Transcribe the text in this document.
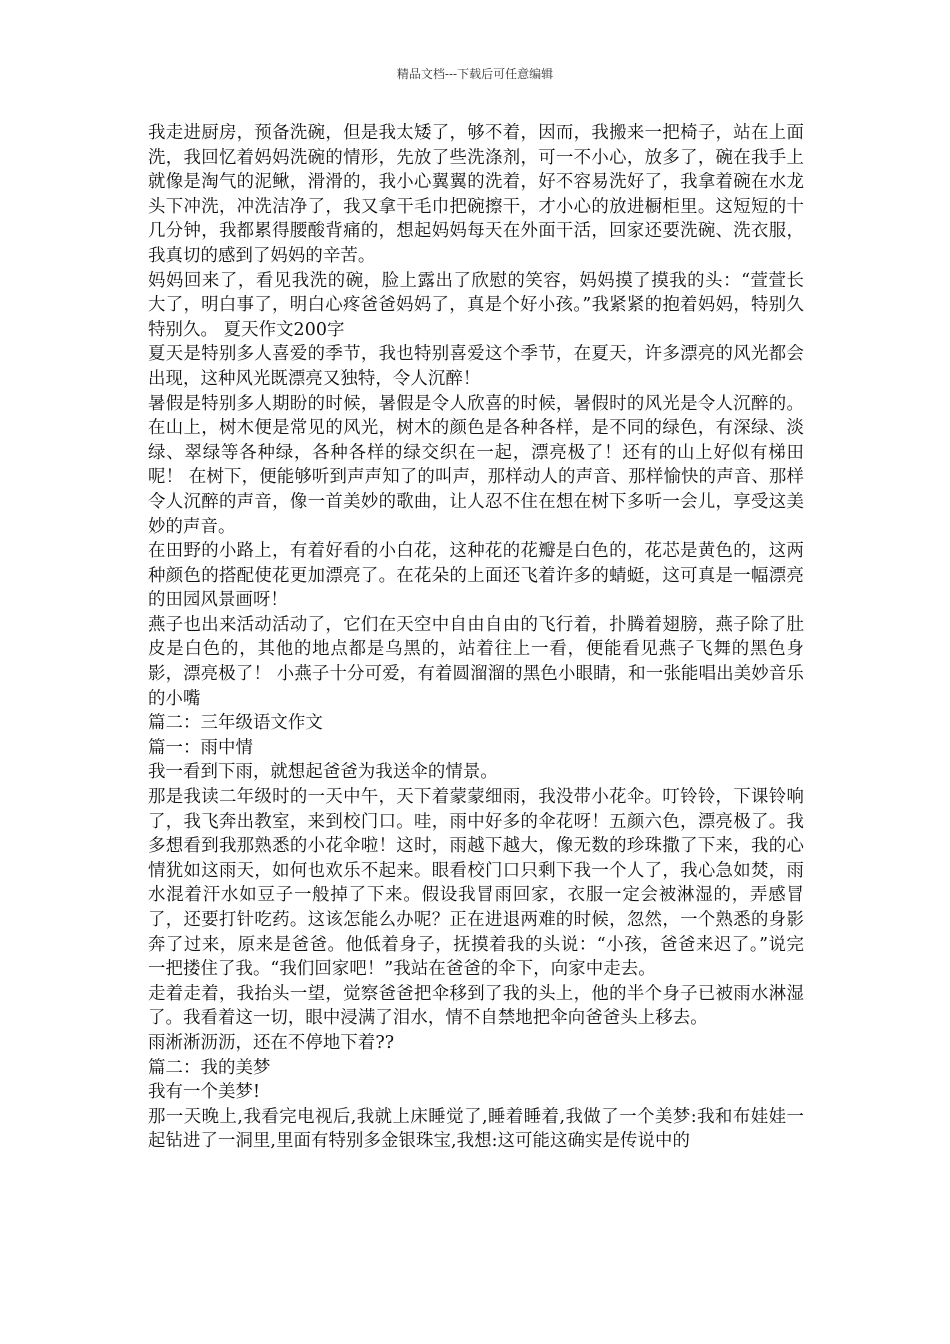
精品文档---下载后可任意编辑

我走进厨房，预备洗碗，但是我太矮了，够不着，因而，我搬来一把椅子，站在上面洗，我回忆着妈妈洗碗的情形，先放了些洗涤剂，可一不小心，放多了，碗在我手上就像是淘气的泥鳅，滑滑的，我小心翼翼的洗着，好不容易洗好了，我拿着碗在水龙头下冲洗，冲洗洁净了，我又拿干毛巾把碗擦干，才小心的放进橱柜里。这短短的十几分钟，我都累得腰酸背痛的，想起妈妈每天在外面干活，回家还要洗碗、洗衣服，我真切的感到了妈妈的辛苦。

妈妈回来了，看见我洗的碗，脸上露出了欣慰的笑容，妈妈摸了摸我的头：“萱萱长大了，明白事了，明白心疼爸爸妈妈了，真是个好小孩。”我紧紧的抱着妈妈，特别久特别久。 夏天作文200字

夏天是特别多人喜爱的季节，我也特别喜爱这个季节，在夏天，许多漂亮的风光都会出现，这种风光既漂亮又独特，令人沉醉！

暑假是特别多人期盼的时候，暑假是令人欣喜的时候，暑假时的风光是令人沉醉的。 在山上，树木便是常见的风光，树木的颜色是各种各样，是不同的绿色，有深绿、淡绿、翠绿等各种绿，各种各样的绿交织在一起，漂亮极了！还有的山上好似有梯田呢！ 在树下，便能够听到声声知了的叫声，那样动人的声音、那样愉快的声音、那样令人沉醉的声音，像一首美妙的歌曲，让人忍不住在想在树下多听一会儿，享受这美妙的声音。

在田野的小路上，有着好看的小白花，这种花的花瓣是白色的，花芯是黄色的，这两种颜色的搭配使花更加漂亮了。在花朵的上面还飞着许多的蜻蜓，这可真是一幅漂亮的田园风景画呀！

燕子也出来活动活动了，它们在天空中自由自由的飞行着，扑腾着翅膀，燕子除了肚皮是白色的，其他的地点都是乌黑的，站着往上一看，便能看见燕子飞舞的黑色身影，漂亮极了！ 小燕子十分可爱，有着圆溜溜的黑色小眼睛，和一张能唱出美妙音乐的小嘴

篇二：三年级语文作文

篇一：雨中情

我一看到下雨，就想起爸爸为我送伞的情景。

那是我读二年级时的一天中午，天下着蒙蒙细雨，我没带小花伞。叮铃铃，下课铃响了，我飞奔出教室，来到校门口。哇，雨中好多的伞花呀！五颜六色，漂亮极了。我多想看到我那熟悉的小花伞啦！这时，雨越下越大，像无数的珍珠撒了下来，我的心情犹如这雨天，如何也欢乐不起来。眼看校门口只剩下我一个人了，我心急如焚，雨水混着汗水如豆子一般掉了下来。假设我冒雨回家，衣服一定会被淋湿的，弄感冒了，还要打针吃药。这该怎能么办呢？正在进退两难的时候，忽然，一个熟悉的身影奔了过来，原来是爸爸。他低着身子，抚摸着我的头说：“小孩，爸爸来迟了。”说完一把搂住了我。“我们回家吧！”我站在爸爸的伞下，向家中走去。

走着走着，我抬头一望，觉察爸爸把伞移到了我的头上，他的半个身子已被雨水淋湿了。我看着这一切，眼中浸满了泪水，情不自禁地把伞向爸爸头上移去。

雨淅淅沥沥，还在不停地下着??

篇二：我的美梦

我有一个美梦!

那一天晚上,我看完电视后,我就上床睡觉了,睡着睡着,我做了一个美梦:我和布娃娃一起钻进了一洞里,里面有特别多金银珠宝,我想:这可能这确实是传说中的
